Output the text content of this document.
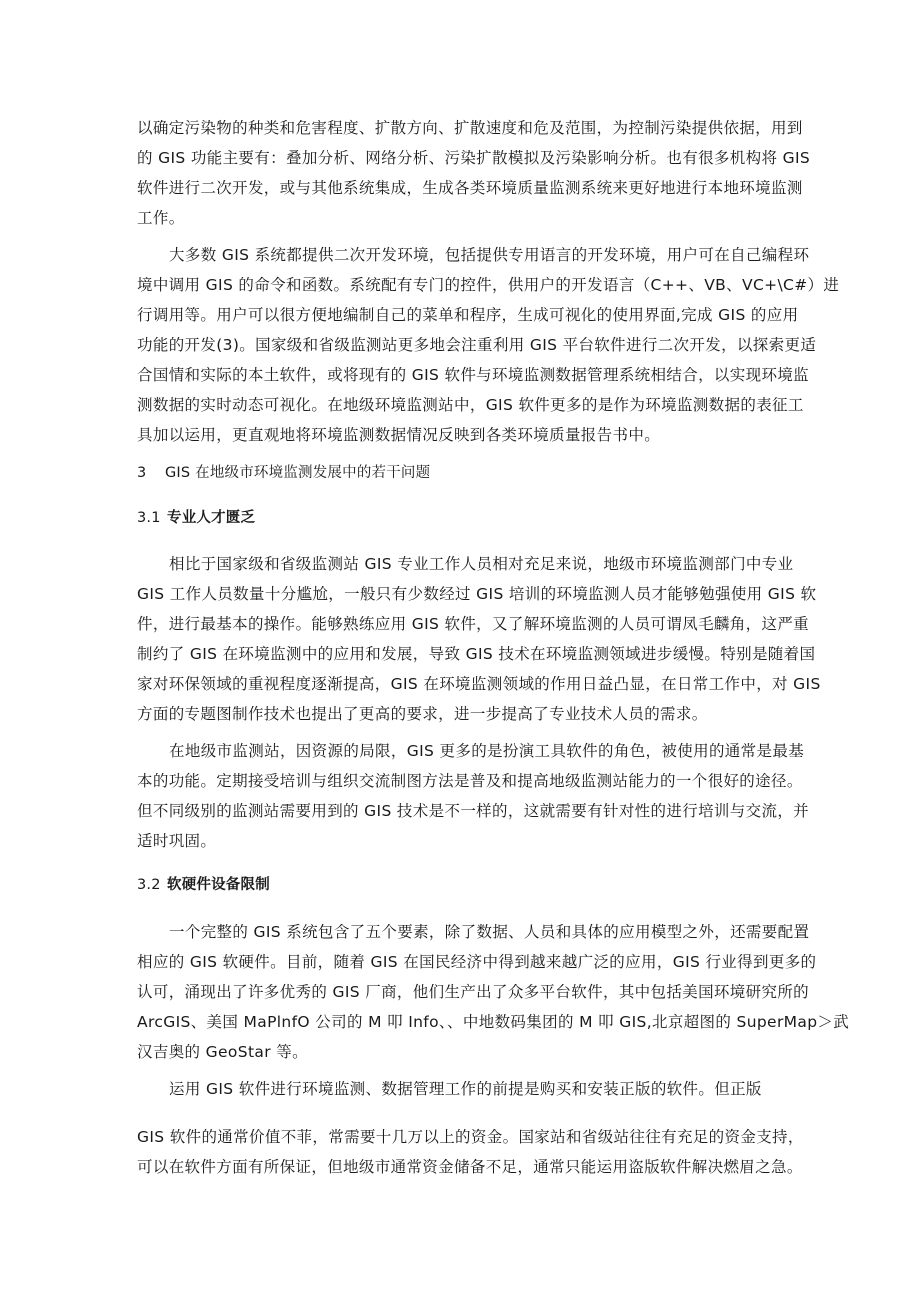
以确定污染物的种类和危害程度、扩散方向、扩散速度和危及范围，为控制污染提供依据，用到
的 GIS 功能主要有：叠加分析、网络分析、污染扩散模拟及污染影响分析。也有很多机构将 GIS
软件进行二次开发，或与其他系统集成，生成各类环境质量监测系统来更好地进行本地环境监测
工作。
大多数 GIS 系统都提供二次开发环境，包括提供专用语言的开发环境，用户可在自己编程环
境中调用 GIS 的命令和函数。系统配有专门的控件，供用户的开发语言（C++、VB、VC+\C#）进
行调用等。用户可以很方便地编制自己的菜单和程序，生成可视化的使用界面,完成 GIS 的应用
功能的开发(3)。国家级和省级监测站更多地会注重利用 GIS 平台软件进行二次开发，以探索更适
合国情和实际的本土软件，或将现有的 GIS 软件与环境监测数据管理系统相结合，以实现环境监
测数据的实时动态可视化。在地级环境监测站中，GIS 软件更多的是作为环境监测数据的表征工
具加以运用，更直观地将环境监测数据情况反映到各类环境质量报告书中。
3 GIS 在地级市环境监测发展中的若干问题
3.1 专业人才匮乏
相比于国家级和省级监测站 GIS 专业工作人员相对充足来说，地级市环境监测部门中专业
GIS 工作人员数量十分尴尬，一般只有少数经过 GIS 培训的环境监测人员才能够勉强使用 GIS 软
件，进行最基本的操作。能够熟练应用 GIS 软件，又了解环境监测的人员可谓凤毛麟角，这严重
制约了 GIS 在环境监测中的应用和发展，导致 GIS 技术在环境监测领域进步缓慢。特别是随着国
家对环保领域的重视程度逐渐提高，GIS 在环境监测领域的作用日益凸显，在日常工作中，对 GIS
方面的专题图制作技术也提出了更高的要求，进一步提高了专业技术人员的需求。
在地级市监测站，因资源的局限，GIS 更多的是扮演工具软件的角色，被使用的通常是最基
本的功能。定期接受培训与组织交流制图方法是普及和提高地级监测站能力的一个很好的途径。
但不同级别的监测站需要用到的 GIS 技术是不一样的，这就需要有针对性的进行培训与交流，并
适时巩固。
3.2 软硬件设备限制
一个完整的 GIS 系统包含了五个要素，除了数据、人员和具体的应用模型之外，还需要配置
相应的 GIS 软硬件。目前，随着 GIS 在国民经济中得到越来越广泛的应用，GIS 行业得到更多的
认可，涌现出了许多优秀的 GIS 厂商，他们生产出了众多平台软件，其中包括美国环境研究所的
ArcGIS、美国 MaPlnfO 公司的 M 叩 Info、、中地数码集团的 M 叩 GIS,北京超图的 SuperMap＞武
汉吉奥的 GeoStar 等。
运用 GIS 软件进行环境监测、数据管理工作的前提是购买和安装正版的软件。但正版
GIS 软件的通常价值不菲，常需要十几万以上的资金。国家站和省级站往往有充足的资金支持，
可以在软件方面有所保证，但地级市通常资金储备不足，通常只能运用盗版软件解决燃眉之急。
